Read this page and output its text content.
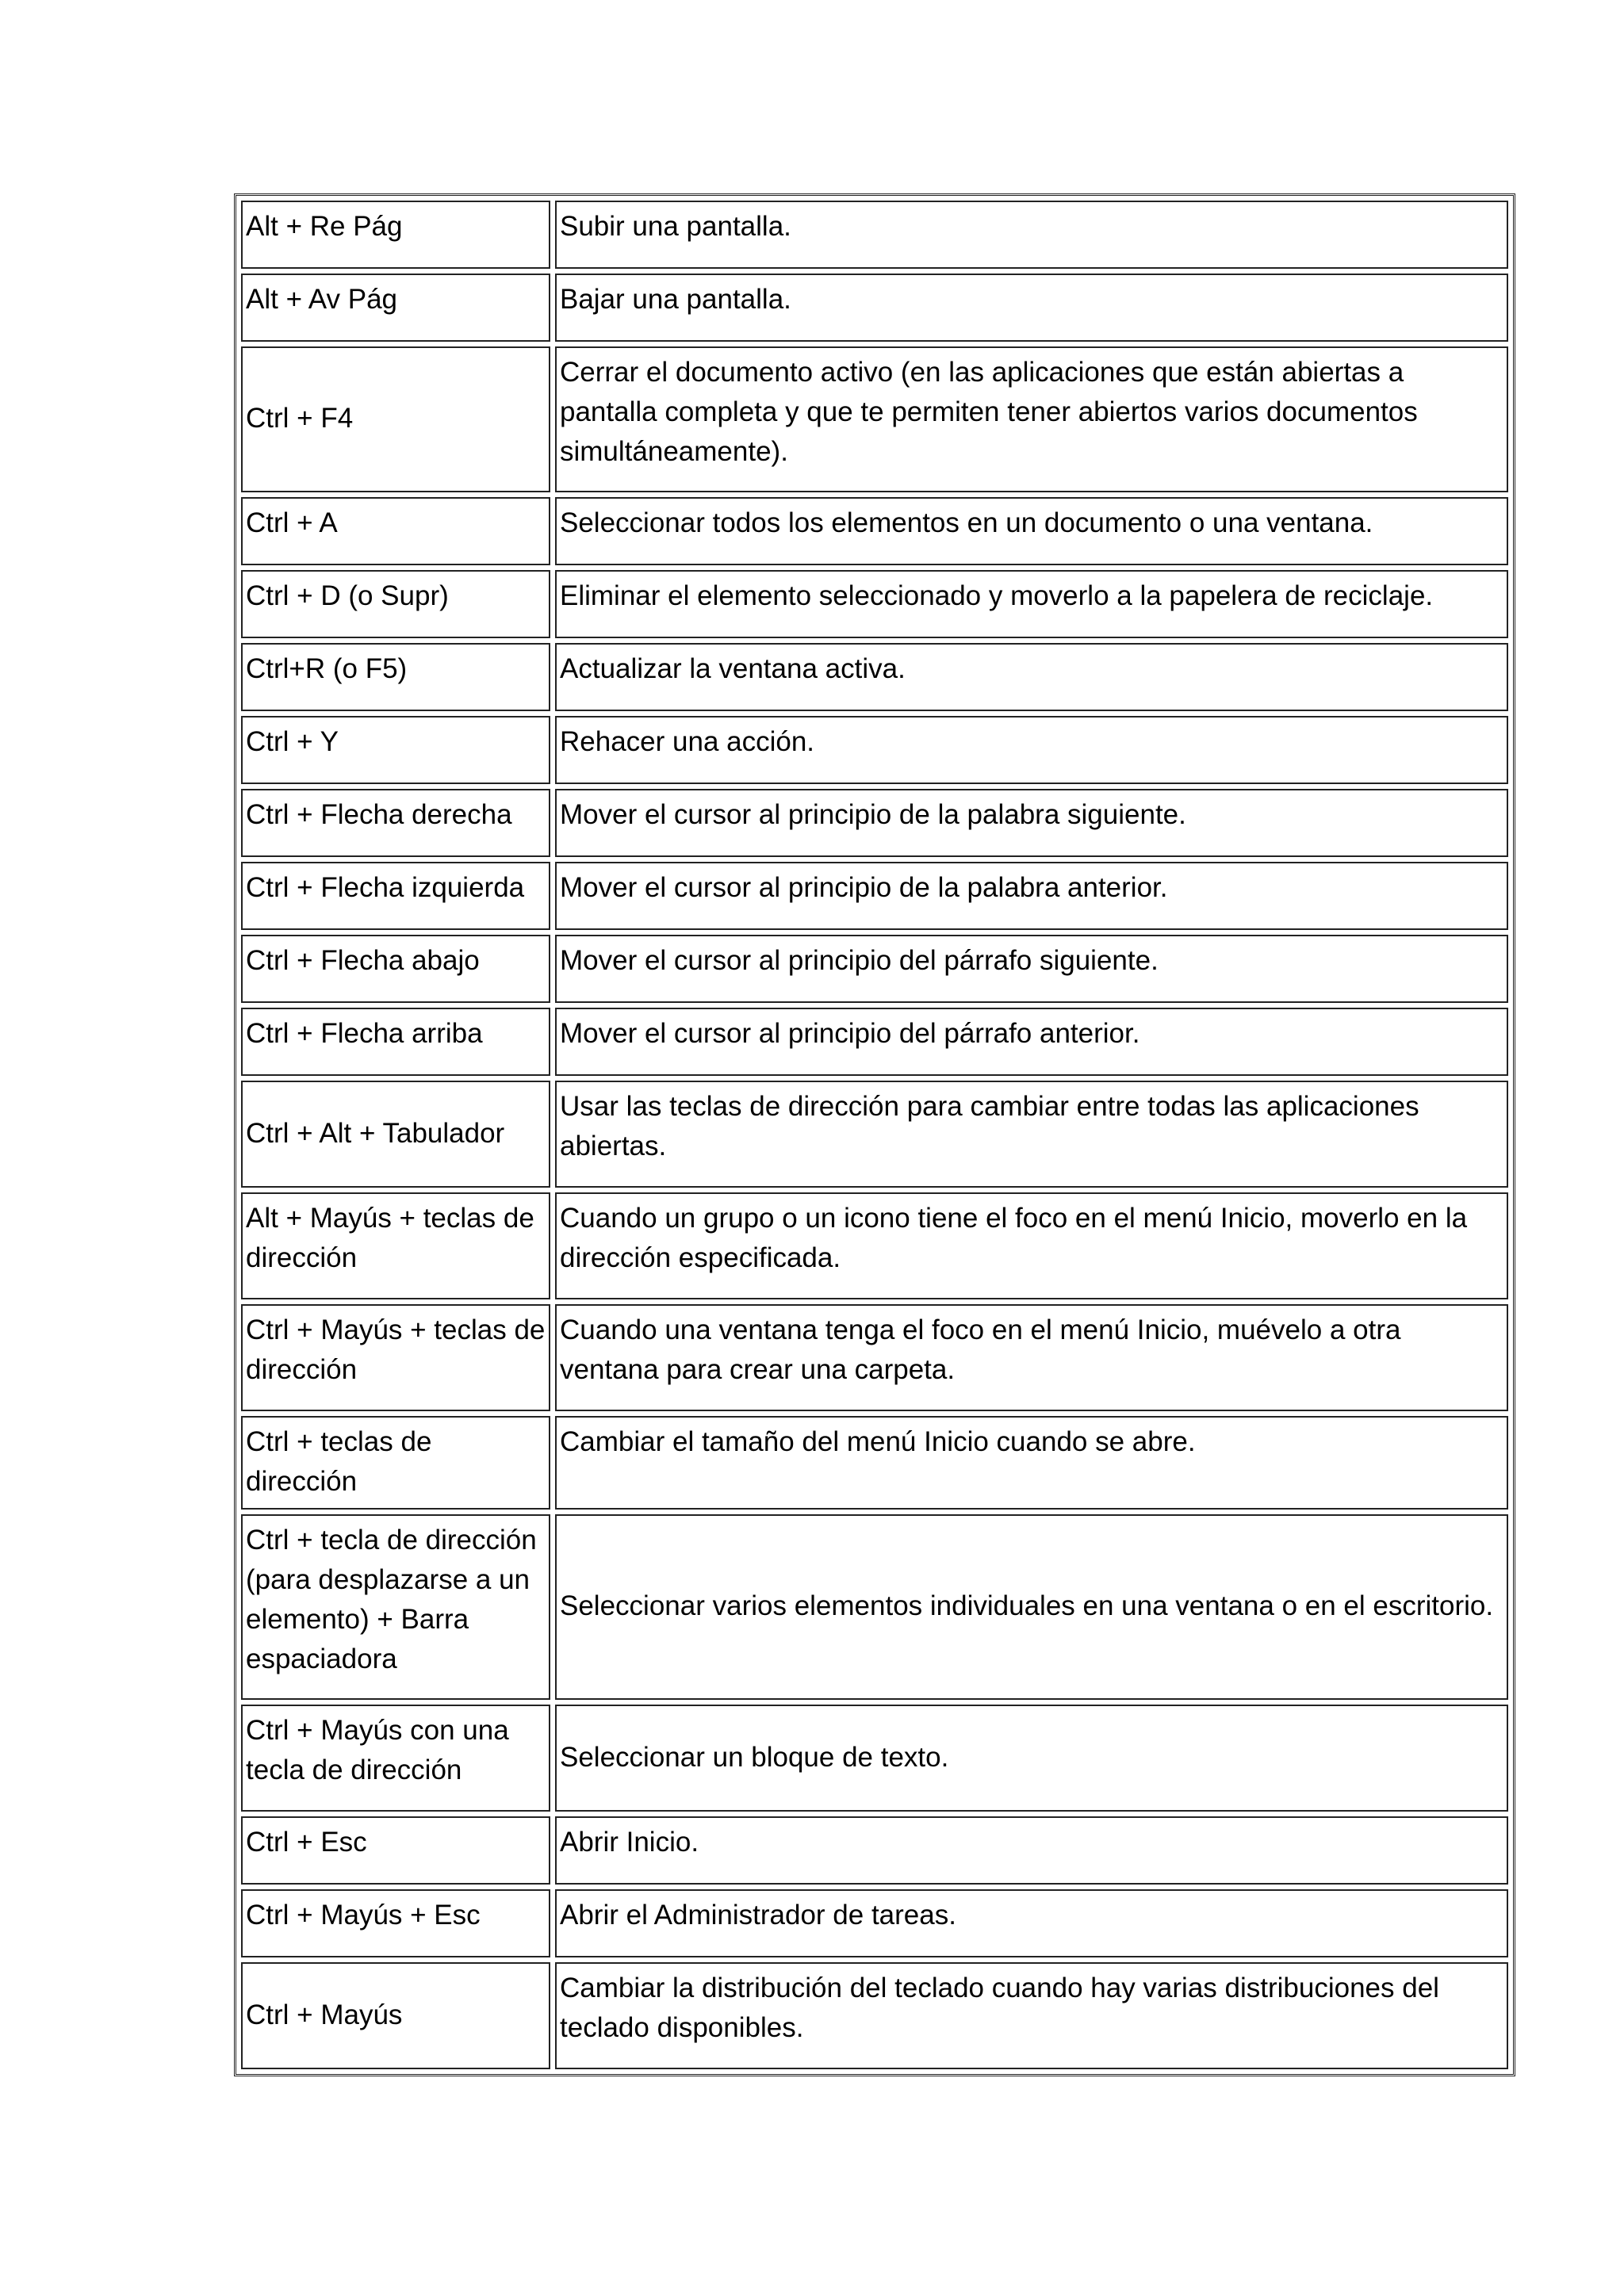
Alt + Re Pág	Subir una pantalla.
Alt + Av Pág	Bajar una pantalla.
Ctrl + F4	Cerrar el documento activo (en las aplicaciones que están abiertas a pantalla completa y que te permiten tener abiertos varios documentos simultáneamente).
Ctrl + A	Seleccionar todos los elementos en un documento o una ventana.
Ctrl + D (o Supr)	Eliminar el elemento seleccionado y moverlo a la papelera de reciclaje.
Ctrl+R (o F5)	Actualizar la ventana activa.
Ctrl + Y	Rehacer una acción.
Ctrl + Flecha derecha	Mover el cursor al principio de la palabra siguiente.
Ctrl + Flecha izquierda	Mover el cursor al principio de la palabra anterior.
Ctrl + Flecha abajo	Mover el cursor al principio del párrafo siguiente.
Ctrl + Flecha arriba	Mover el cursor al principio del párrafo anterior.
Ctrl + Alt + Tabulador	Usar las teclas de dirección para cambiar entre todas las aplicaciones abiertas.
Alt + Mayús + teclas de dirección	Cuando un grupo o un icono tiene el foco en el menú Inicio, moverlo en la dirección especificada.
Ctrl + Mayús + teclas de dirección	Cuando una ventana tenga el foco en el menú Inicio, muévelo a otra ventana para crear una carpeta.
Ctrl + teclas de dirección	Cambiar el tamaño del menú Inicio cuando se abre.
Ctrl + tecla de dirección (para desplazarse a un elemento) + Barra espaciadora	Seleccionar varios elementos individuales en una ventana o en el escritorio.
Ctrl + Mayús con una tecla de dirección	Seleccionar un bloque de texto.
Ctrl + Esc	Abrir Inicio.
Ctrl + Mayús + Esc	Abrir el Administrador de tareas.
Ctrl + Mayús	Cambiar la distribución del teclado cuando hay varias distribuciones del teclado disponibles.
